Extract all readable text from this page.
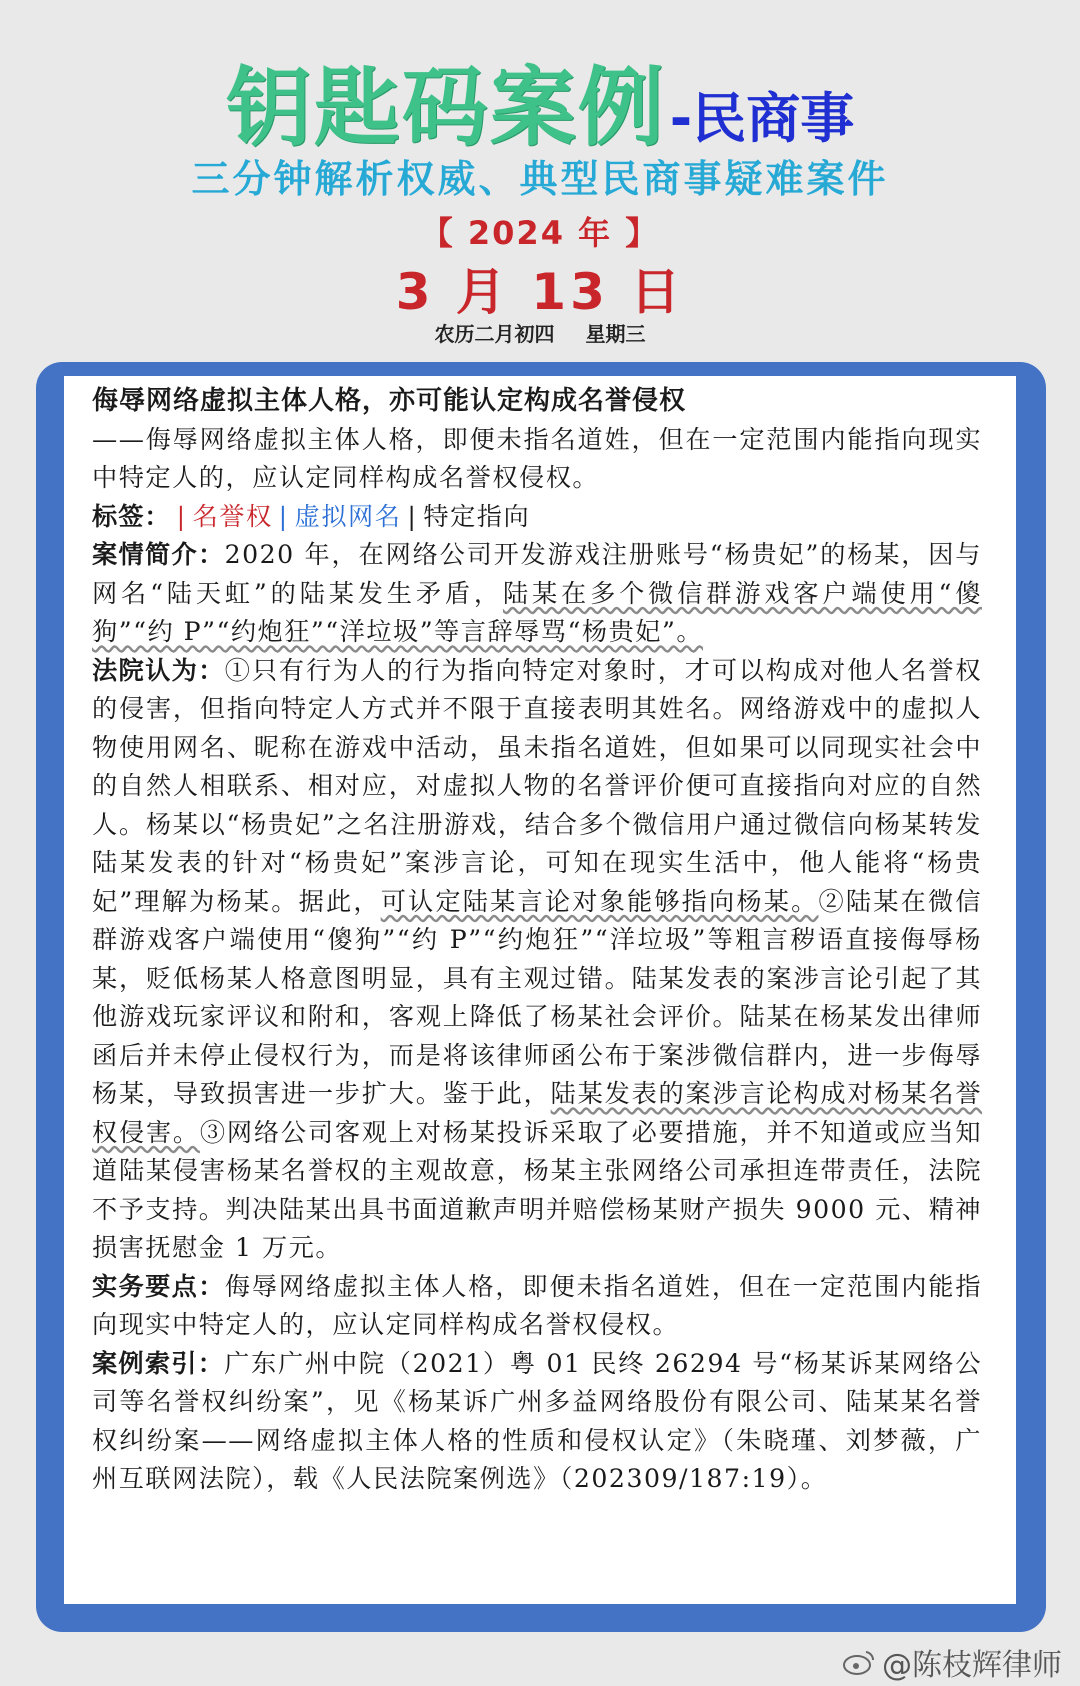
钥匙码案例-民商事
三分钟解析权威、典型民商事疑难案件
【 2024 年 】
3 月 13 日
农历二月初四 星期三

侮辱网络虚拟主体人格，亦可能认定构成名誉侵权

——侮辱网络虚拟主体人格，即便未指名道姓，但在一定范围内能指向现实中特定人的，应认定同样构成名誉权侵权。

标签： | 名誉权 | 虚拟网名 | 特定指向

案情简介：2020 年，在网络公司开发游戏注册账号“杨贵妃”的杨某，因与网名“陆天虹”的陆某发生矛盾，陆某在多个微信群游戏客户端使用“傻狗”“约 P”“约炮狂”“洋垃圾”等言辞辱骂“杨贵妃”。

法院认为：①只有行为人的行为指向特定对象时，才可以构成对他人名誉权的侵害，但指向特定人方式并不限于直接表明其姓名。网络游戏中的虚拟人物使用网名、昵称在游戏中活动，虽未指名道姓，但如果可以同现实社会中的自然人相联系、相对应，对虚拟人物的名誉评价便可直接指向对应的自然人。杨某以“杨贵妃”之名注册游戏，结合多个微信用户通过微信向杨某转发陆某发表的针对“杨贵妃”案涉言论，可知在现实生活中，他人能将“杨贵妃”理解为杨某。据此，可认定陆某言论对象能够指向杨某。②陆某在微信群游戏客户端使用“傻狗”“约 P”“约炮狂”“洋垃圾”等粗言秽语直接侮辱杨某，贬低杨某人格意图明显，具有主观过错。陆某发表的案涉言论引起了其他游戏玩家评议和附和，客观上降低了杨某社会评价。陆某在杨某发出律师函后并未停止侵权行为，而是将该律师函公布于案涉微信群内，进一步侮辱杨某，导致损害进一步扩大。鉴于此，陆某发表的案涉言论构成对杨某名誉权侵害。③网络公司客观上对杨某投诉采取了必要措施，并不知道或应当知道陆某侵害杨某名誉权的主观故意，杨某主张网络公司承担连带责任，法院不予支持。判决陆某出具书面道歉声明并赔偿杨某财产损失 9000 元、精神损害抚慰金 1 万元。

实务要点：侮辱网络虚拟主体人格，即便未指名道姓，但在一定范围内能指向现实中特定人的，应认定同样构成名誉权侵权。

案例索引：广东广州中院（2021）粤 01 民终 26294 号“杨某诉某网络公司等名誉权纠纷案”，见《杨某诉广州多益网络股份有限公司、陆某某名誉权纠纷案——网络虚拟主体人格的性质和侵权认定》（朱晓瑾、刘梦薇，广州互联网法院），载《人民法院案例选》（202309/187:19）。

@陈枝辉律师
